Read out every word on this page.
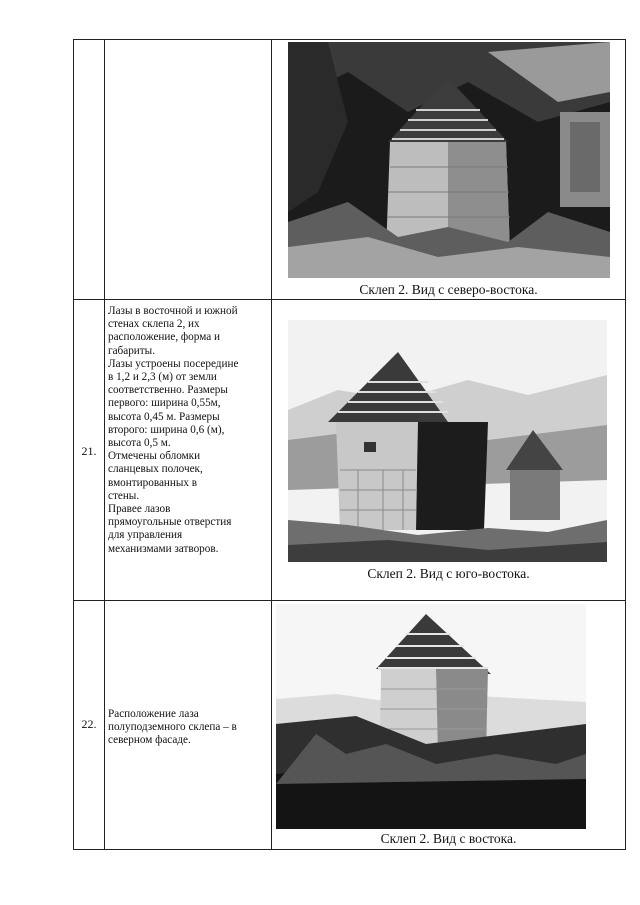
Склеп 2. Вид с северо-востока.
21.
Лазы в восточной и южной
стенах склепа 2, их
расположение, форма и
габариты.
Лазы устроены посередине
в 1,2 и 2,3 (м) от земли
соответственно. Размеры
первого: ширина 0,55м,
высота 0,45 м. Размеры
второго: ширина 0,6 (м),
высота 0,5 м.
Отмечены обломки
сланцевых полочек,
вмонтированных в
стены.
Правее лазов
прямоугольные отверстия
для управления
механизмами затворов.
Склеп 2. Вид с юго-востока.
22.
Расположение лаза
полуподземного склепа – в
северном фасаде.
Склеп 2. Вид с востока.
